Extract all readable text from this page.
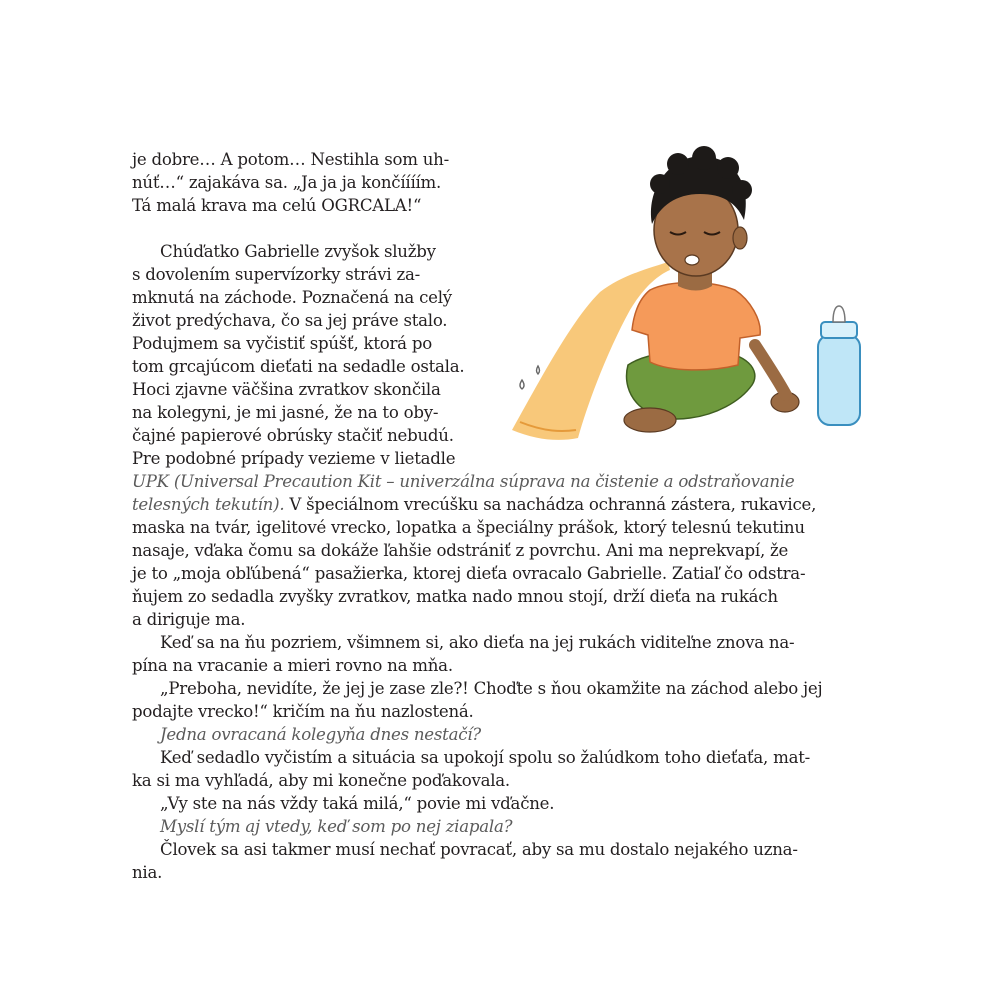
je dobre… A potom… Nestihla som uh-

núť…“ zajakáva sa. „Ja ja ja končíííím.

Tá malá krava ma celú OGRCALA!“

Chúďatko Gabrielle zvyšok služby

s dovolením supervízorky strávi za-

mknutá na záchode. Poznačená na celý

život predýchava, čo sa jej práve stalo.

Podujmem sa vyčistiť spúšť, ktorá po

tom grcajúcom dieťati na sedadle ostala.

Hoci zjavne väčšina zvratkov skončila

na kolegyni, je mi jasné, že na to oby-

čajné papierové obrúsky stačiť nebudú.

Pre podobné prípady vezieme v lietadle

UPK (Universal Precaution Kit – univerzálna súprava na čistenie a odstraňovanie

telesných tekutín). V špeciálnom vrecúšku sa nachádza ochranná zástera, rukavice,

maska na tvár, igelitové vrecko, lopatka a špeciálny prášok, ktorý telesnú tekutinu

nasaje, vďaka čomu sa dokáže ľahšie odstrániť z povrchu. Ani ma neprekvapí, že

je to „moja obľúbená“ pasažierka, ktorej dieťa ovracalo Gabrielle. Zatiaľ čo odstra-

ňujem zo sedadla zvyšky zvratkov, matka nado mnou stojí, drží dieťa na rukách

a diriguje ma.

Keď sa na ňu pozriem, všimnem si, ako dieťa na jej rukách viditeľne znova na-

pína na vracanie a mieri rovno na mňa.

„Preboha, nevidíte, že jej je zase zle?! Choďte s ňou okamžite na záchod alebo jej

podajte vrecko!“ kričím na ňu nazlostená.

Jedna ovracaná kolegyňa dnes nestačí?

Keď sedadlo vyčistím a situácia sa upokojí spolu so žalúdkom toho dieťaťa, mat-

ka si ma vyhľadá, aby mi konečne poďakovala.

„Vy ste na nás vždy taká milá,“ povie mi vďačne.

Myslí tým aj vtedy, keď som po nej ziapala?

Človek sa asi takmer musí nechať povracať, aby sa mu dostalo nejakého uzna-

nia.
